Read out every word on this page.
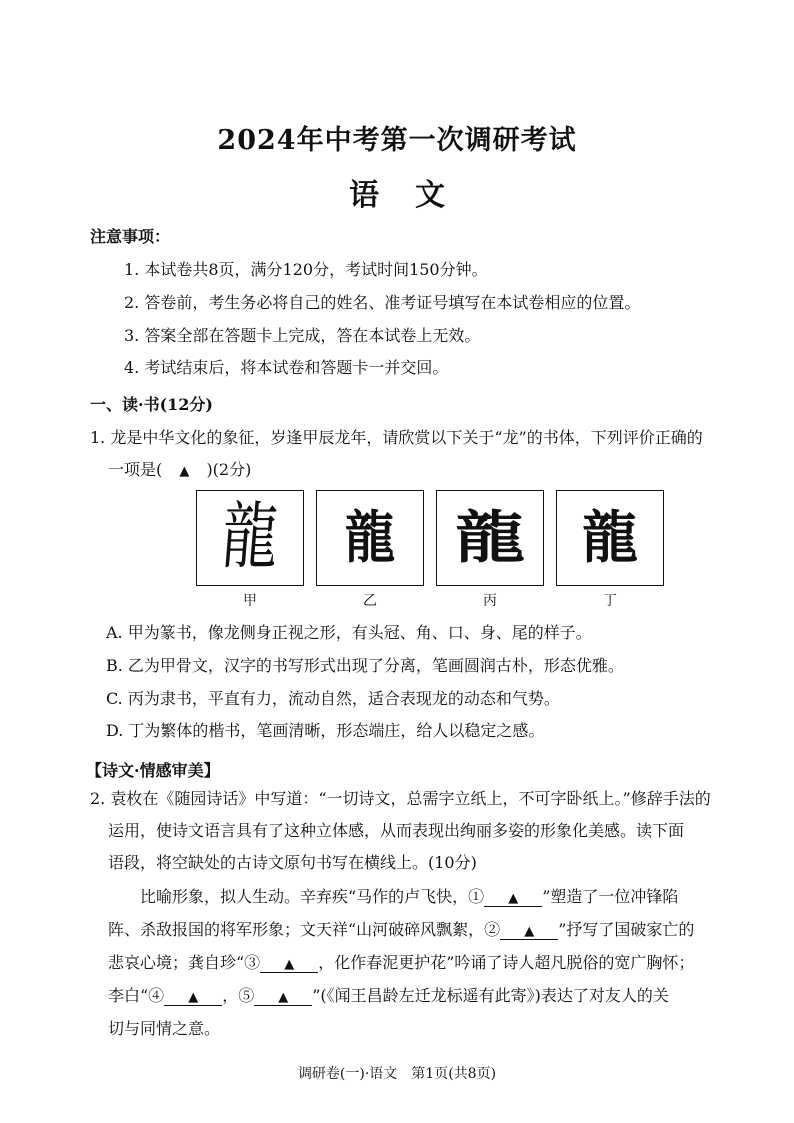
2024年中考第一次调研考试
语文
注意事项：
1. 本试卷共8页，满分120分，考试时间150分钟。
2. 答卷前，考生务必将自己的姓名、准考证号填写在本试卷相应的位置。
3. 答案全部在答题卡上完成，答在本试卷上无效。
4. 考试结束后，将本试卷和答题卡一并交回。
一、读·书(12分)
1. 龙是中华文化的象征，岁逢甲辰龙年，请欣赏以下关于“龙”的书体，下列评价正确的
一项是( ▲ )(2分)
龍 龍 龍 龍
甲	乙	丙	丁
A. 甲为篆书，像龙侧身正视之形，有头冠、角、口、身、尾的样子。
B. 乙为甲骨文，汉字的书写形式出现了分离，笔画圆润古朴，形态优雅。
C. 丙为隶书，平直有力，流动自然，适合表现龙的动态和气势。
D. 丁为繁体的楷书，笔画清晰，形态端庄，给人以稳定之感。
【诗文·情感审美】
2. 袁枚在《随园诗话》中写道：“一切诗文，总需字立纸上，不可字卧纸上。”修辞手法的
运用，使诗文语言具有了这种立体感，从而表现出绚丽多姿的形象化美感。读下面
语段，将空缺处的古诗文原句书写在横线上。(10分)
比喻形象，拟人生动。辛弃疾“马作的卢飞快，① ▲ ”塑造了一位冲锋陷
阵、杀敌报国的将军形象；文天祥“山河破碎风飘絮，② ▲ ”抒写了国破家亡的
悲哀心境；龚自珍“③ ▲ ，化作春泥更护花”吟诵了诗人超凡脱俗的宽广胸怀；
李白“④ ▲ ，⑤ ▲ ”(《闻王昌龄左迁龙标遥有此寄》)表达了对友人的关
切与同情之意。
调研卷(一)·语文　第1页(共8页)
